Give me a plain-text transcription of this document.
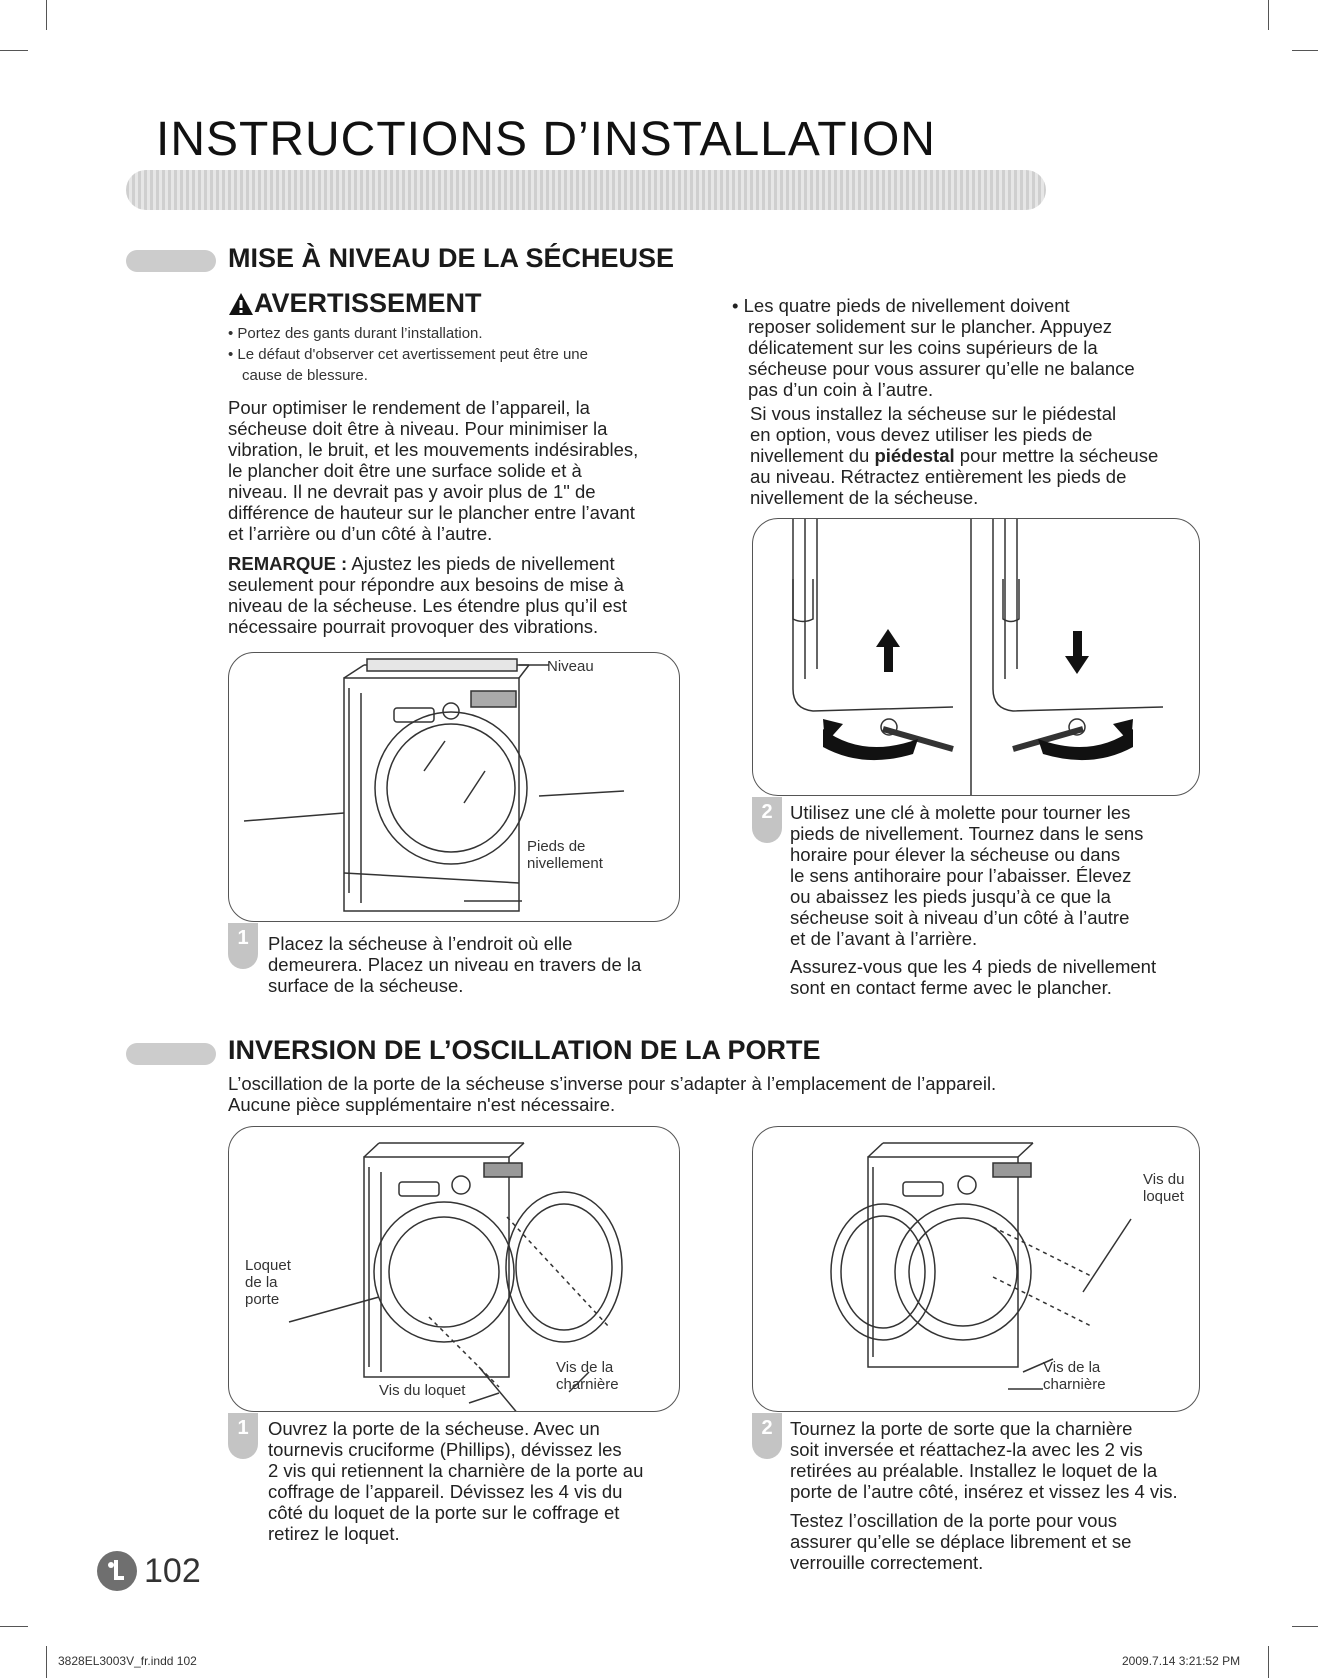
INSTRUCTIONS D’INSTALLATION
MISE À NIVEAU DE LA SÉCHEUSE
AVERTISSEMENT
• Portez des gants durant l’installation.
• Le défaut d'observer cet avertissement peut être une
cause de blessure.
Pour optimiser le rendement de l’appareil, la
sécheuse doit être à niveau. Pour minimiser la
vibration, le bruit, et les mouvements indésirables,
le plancher doit être une surface solide et à
niveau. Il ne devrait pas y avoir plus de 1" de
différence de hauteur sur le plancher entre l’avant
et l’arrière ou d’un côté à l’autre.
REMARQUE : Ajustez les pieds de nivellement
seulement pour répondre aux besoins de mise à
niveau de la sécheuse. Les étendre plus qu’il est
nécessaire pourrait provoquer des vibrations.
Niveau
Pieds de
nivellement
1	Placez la sécheuse à l’endroit où elle
demeurera. Placez un niveau en travers de la
surface de la sécheuse.
• Les quatre pieds de nivellement doivent
reposer solidement sur le plancher. Appuyez
délicatement sur les coins supérieurs de la
sécheuse pour vous assurer qu’elle ne balance
pas d’un coin à l’autre.
Si vous installez la sécheuse sur le piédestal
en option, vous devez utiliser les pieds de
nivellement du piédestal pour mettre la sécheuse
au niveau. Rétractez entièrement les pieds de
nivellement de la sécheuse.
2 Utilisez une clé à molette pour tourner les
pieds de nivellement. Tournez dans le sens
horaire pour élever la sécheuse ou dans
le sens antihoraire pour l’abaisser. Élevez
ou abaissez les pieds jusqu’à ce que la
sécheuse soit à niveau d’un côté à l’autre
et de l’avant à l’arrière.
Assurez-vous que les 4 pieds de nivellement
sont en contact ferme avec le plancher.
INVERSION DE L’OSCILLATION DE LA PORTE
L’oscillation de la porte de la sécheuse s’inverse pour s’adapter à l’emplacement de l’appareil.
Aucune pièce supplémentaire n'est nécessaire.
Loquet
de la
porte
Vis de la
charnière
Vis du loquet
1	Ouvrez la porte de la sécheuse. Avec un
tournevis cruciforme (Phillips), dévissez les
2 vis qui retiennent la charnière de la porte au
coffrage de l’appareil. Dévissez les 4 vis du
côté du loquet de la porte sur le coffrage et
retirez le loquet.
Vis du
loquet
Vis de la
charnière
2 Tournez la porte de sorte que la charnière
soit inversée et réattachez-la avec les 2 vis
retirées au préalable. Installez le loquet de la
porte de l’autre côté, insérez et vissez les 4 vis.
Testez l’oscillation de la porte pour vous
assurer qu’elle se déplace librement et se
verrouille correctement.
102
3828EL3003V_fr.indd 102	2009.7.14 3:21:52 PM
